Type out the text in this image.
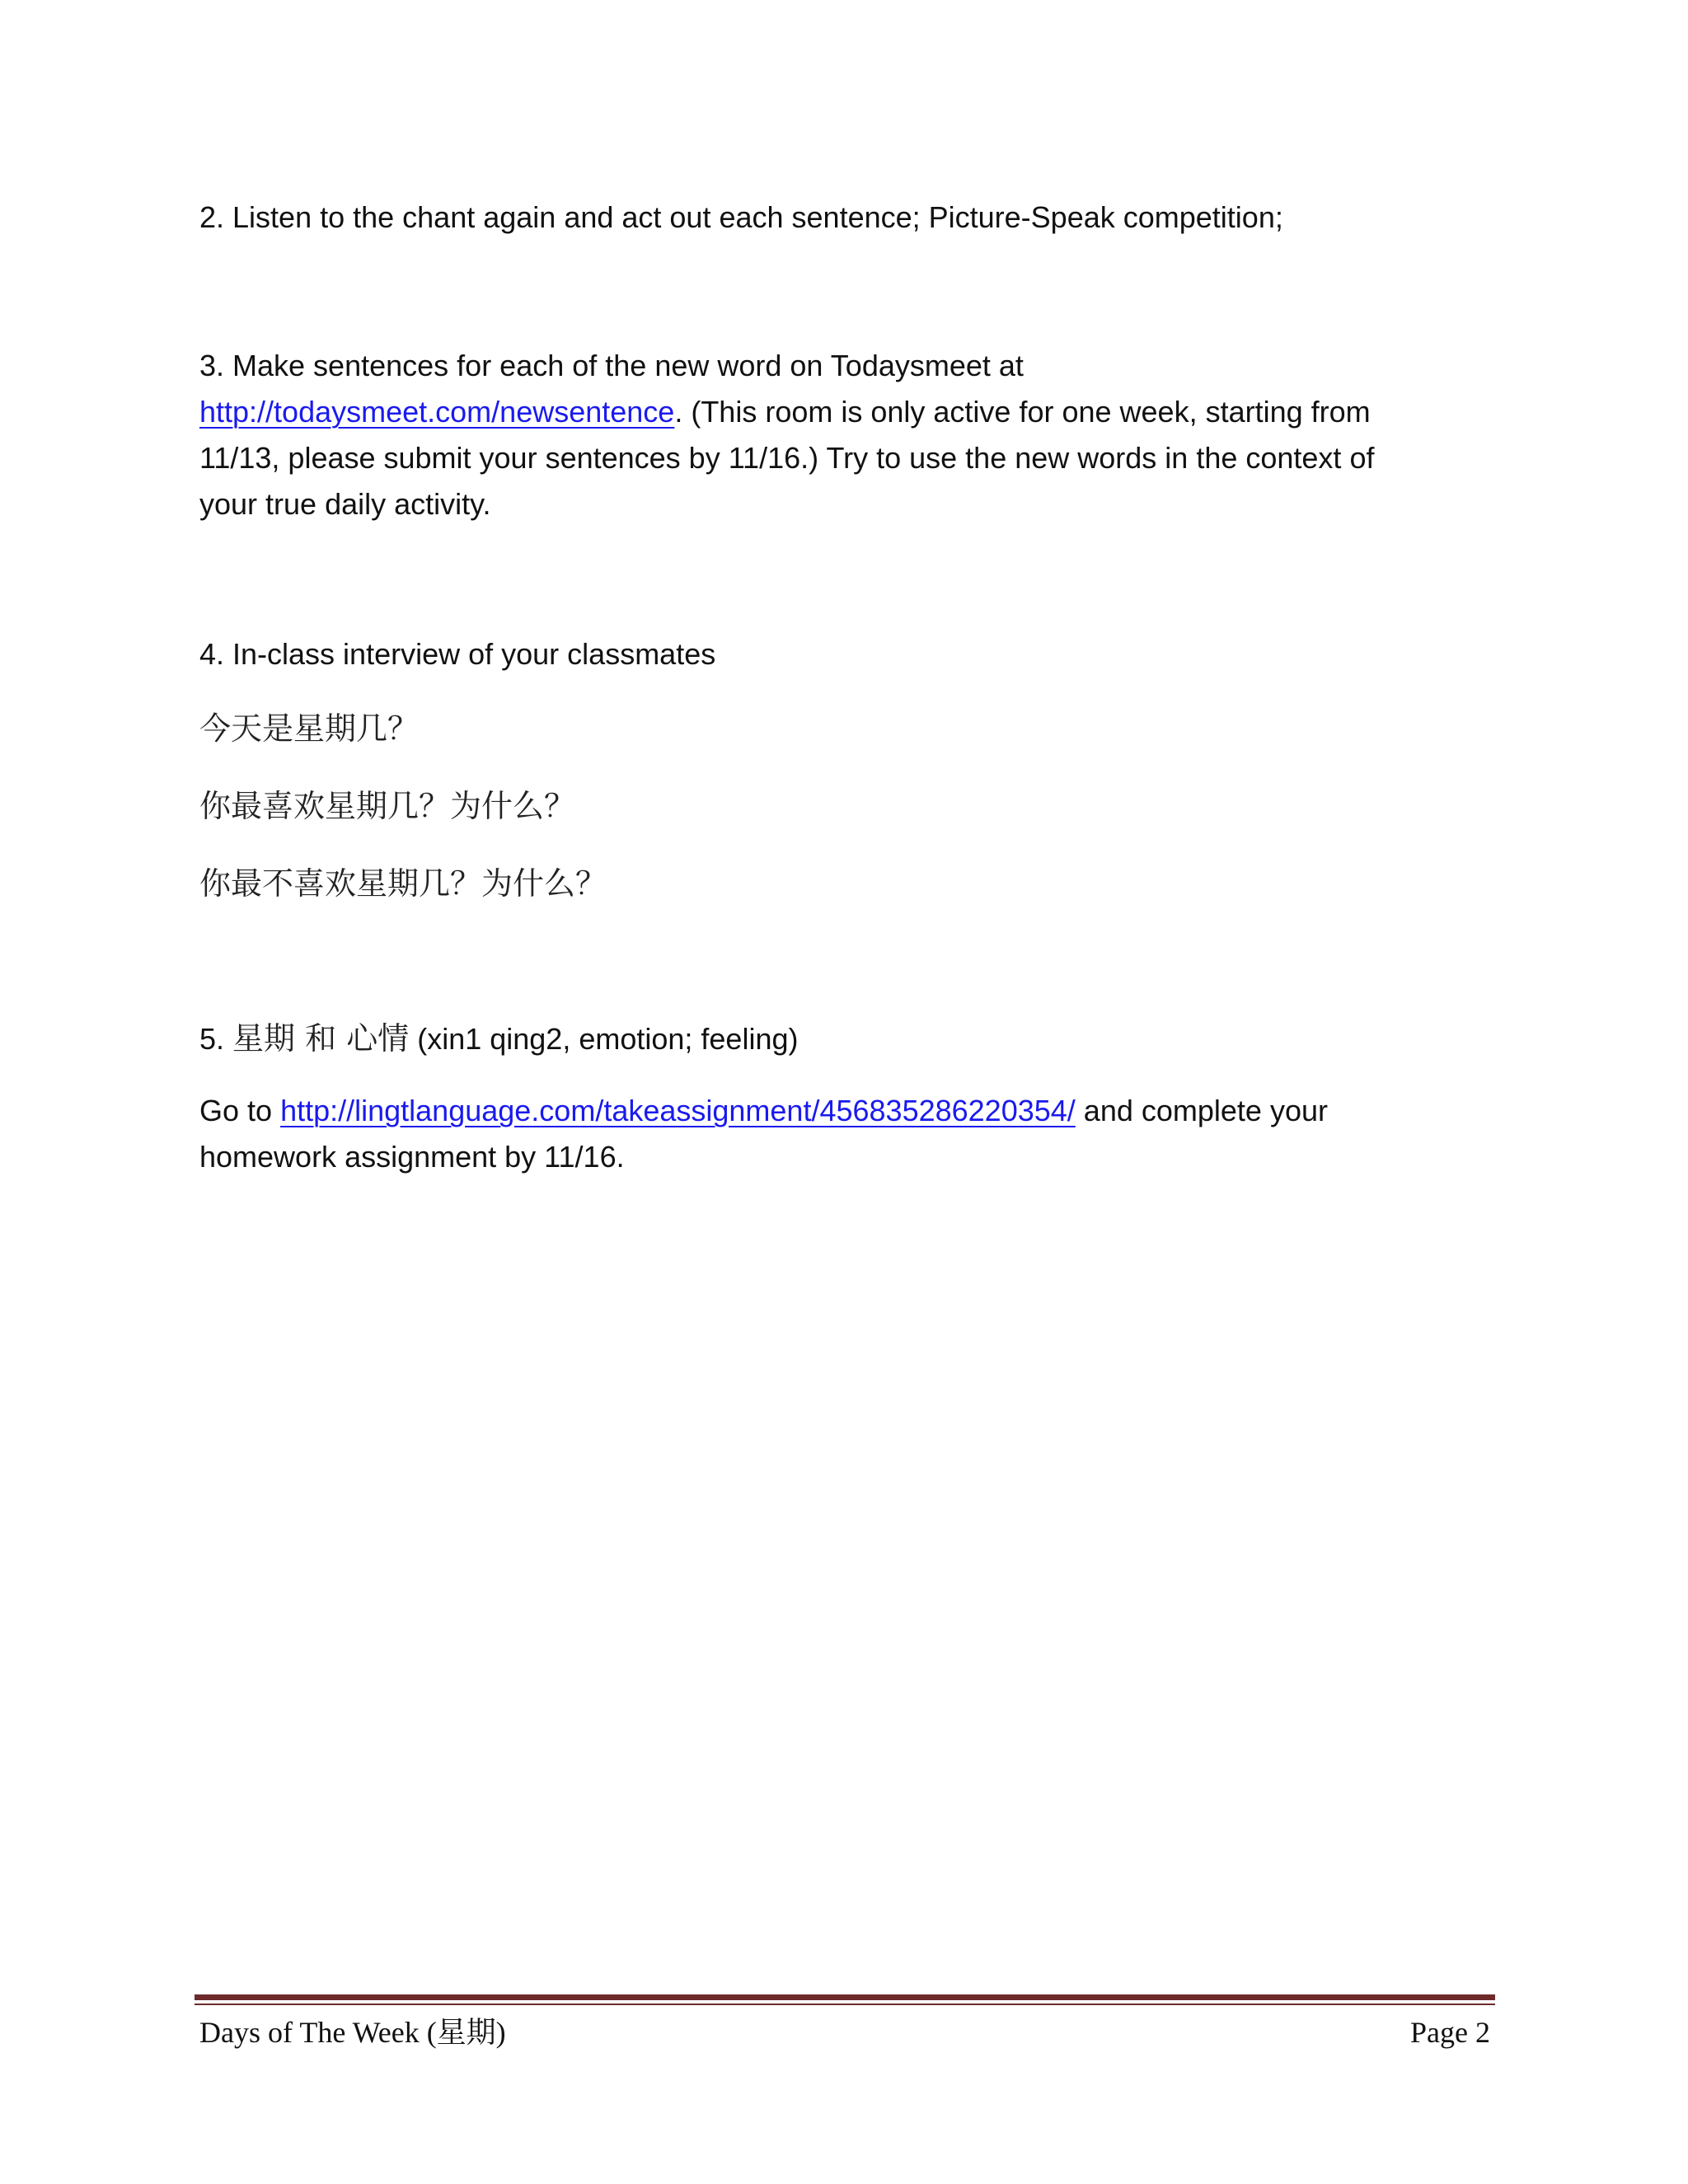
2. Listen to the chant again and act out each sentence; Picture-Speak competition;

3. Make sentences for each of the new word on Todaysmeet at

http://todaysmeet.com/newsentence. (This room is only active for one week, starting from

11/13, please submit your sentences by 11/16.) Try to use the new words in the context of

your true daily activity.

4. In-class interview of your classmates

今天是星期几？

你最喜欢星期几？为什么？

你最不喜欢星期几？为什么？

5. 星期 和 心情 (xin1 qing2, emotion; feeling)

Go to http://lingtlanguage.com/takeassignment/456835286220354/ and complete your

homework assignment by 11/16.

Days of The Week (星期)	Page 2
